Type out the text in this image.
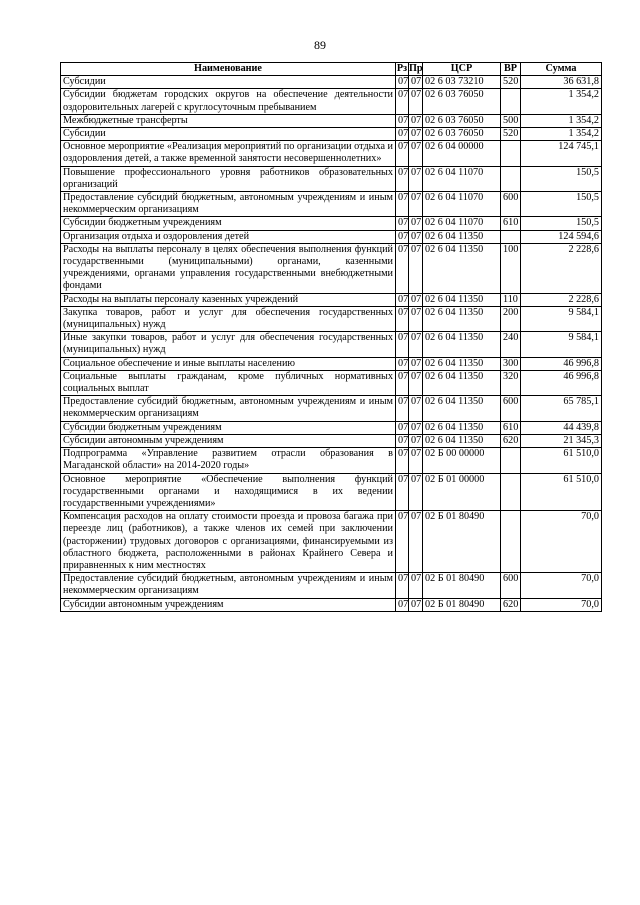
89
Наименование	Рз	Пр	ЦСР	ВР	Сумма
Субсидии	07	07	02 6 03 73210	520	36 631,8
Субсидии бюджетам городских округов на обеспечение деятельности оздоровительных лагерей с круглосуточным пребыванием	07	07	02 6 03 76050		1 354,2
Межбюджетные трансферты	07	07	02 6 03 76050	500	1 354,2
Субсидии	07	07	02 6 03 76050	520	1 354,2
Основное мероприятие «Реализация мероприятий по организации отдыха и оздоровления детей, а также временной занятости несовершеннолетних»	07	07	02 6 04 00000		124 745,1
Повышение профессионального уровня работников образовательных организаций	07	07	02 6 04 11070		150,5
Предоставление субсидий бюджетным, автономным учреждениям и иным некоммерческим организациям	07	07	02 6 04 11070	600	150,5
Субсидии бюджетным учреждениям	07	07	02 6 04 11070	610	150,5
Организация отдыха и оздоровления детей	07	07	02 6 04 11350		124 594,6
Расходы на выплаты персоналу в целях обеспечения выполнения функций государственными (муниципальными) органами, казенными учреждениями, органами управления государственными внебюджетными фондами	07	07	02 6 04 11350	100	2 228,6
Расходы на выплаты персоналу казенных учреждений	07	07	02 6 04 11350	110	2 228,6
Закупка товаров, работ и услуг для обеспечения государственных (муниципальных) нужд	07	07	02 6 04 11350	200	9 584,1
Иные закупки товаров, работ и услуг для обеспечения государственных (муниципальных) нужд	07	07	02 6 04 11350	240	9 584,1
Социальное обеспечение и иные выплаты населению	07	07	02 6 04 11350	300	46 996,8
Социальные выплаты гражданам, кроме публичных нормативных социальных выплат	07	07	02 6 04 11350	320	46 996,8
Предоставление субсидий бюджетным, автономным учреждениям и иным некоммерческим организациям	07	07	02 6 04 11350	600	65 785,1
Субсидии бюджетным учреждениям	07	07	02 6 04 11350	610	44 439,8
Субсидии автономным учреждениям	07	07	02 6 04 11350	620	21 345,3
Подпрограмма «Управление развитием отрасли образования в Магаданской области» на 2014-2020 годы»	07	07	02 Б 00 00000		61 510,0
Основное мероприятие «Обеспечение выполнения функций государственными органами и находящимися в их ведении государственными учреждениями»	07	07	02 Б 01 00000		61 510,0
Компенсация расходов на оплату стоимости проезда и провоза багажа при переезде лиц (работников), а также членов их семей при заключении (расторжении) трудовых договоров с организациями, финансируемыми из областного бюджета, расположенными в районах Крайнего Севера и приравненных к ним местностях	07	07	02 Б 01 80490		70,0
Предоставление субсидий бюджетным, автономным учреждениям и иным некоммерческим организациям	07	07	02 Б 01 80490	600	70,0
Субсидии автономным учреждениям	07	07	02 Б 01 80490	620	70,0
